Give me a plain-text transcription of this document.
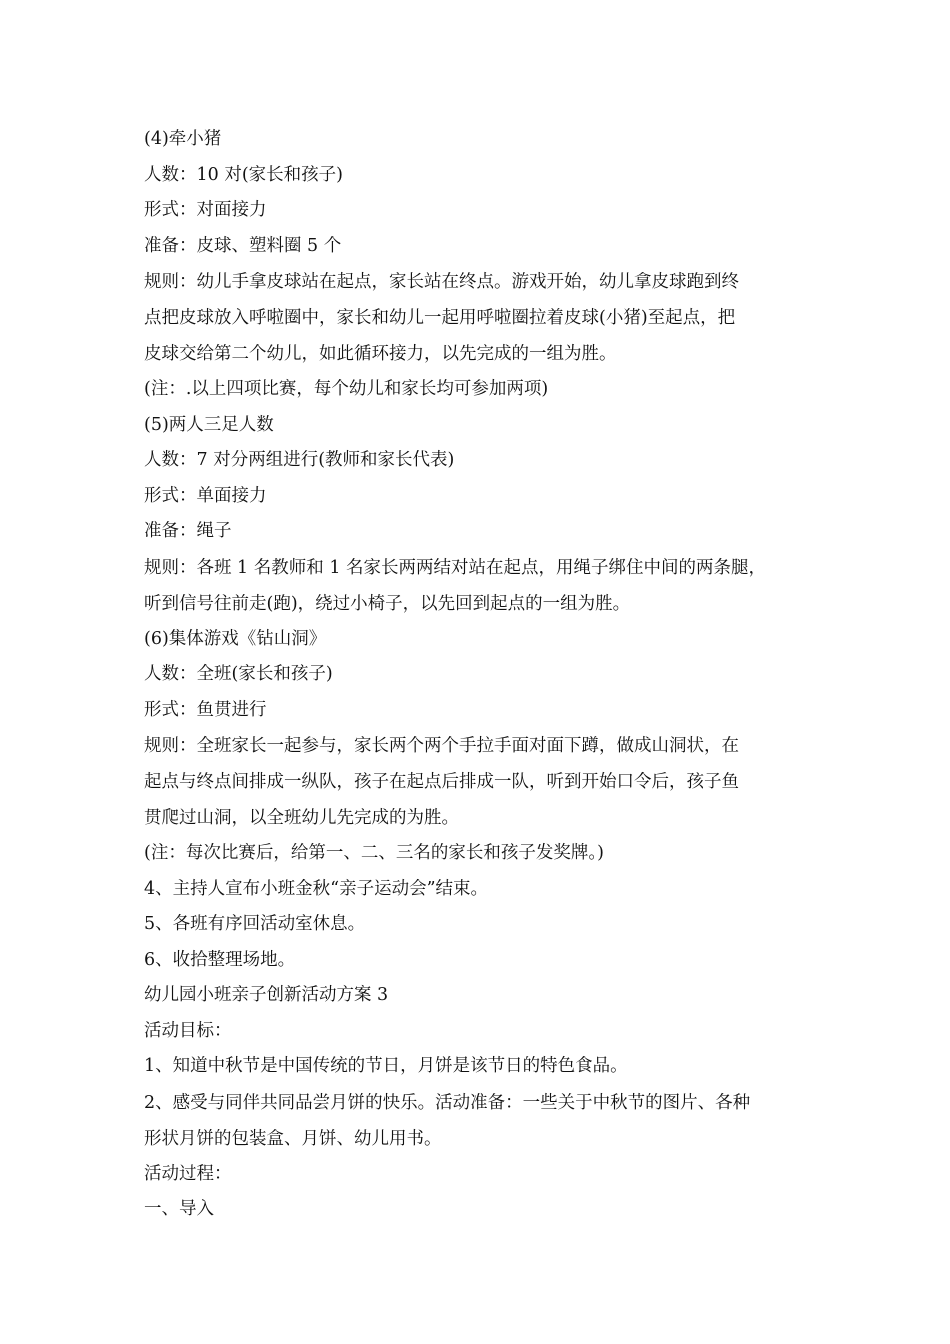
(4)牵小猪
人数：10 对(家长和孩子)
形式：对面接力
准备：皮球、塑料圈 5 个
规则：幼儿手拿皮球站在起点，家长站在终点。游戏开始，幼儿拿皮球跑到终
点把皮球放入呼啦圈中，家长和幼儿一起用呼啦圈拉着皮球(小猪)至起点，把
皮球交给第二个幼儿，如此循环接力，以先完成的一组为胜。
(注：.以上四项比赛，每个幼儿和家长均可参加两项)
(5)两人三足人数
人数：7 对分两组进行(教师和家长代表)
形式：单面接力
准备：绳子
规则：各班 1 名教师和 1 名家长两两结对站在起点，用绳子绑住中间的两条腿，
听到信号往前走(跑)，绕过小椅子，以先回到起点的一组为胜。
(6)集体游戏《钻山洞》
人数：全班(家长和孩子)
形式：鱼贯进行
规则：全班家长一起参与，家长两个两个手拉手面对面下蹲，做成山洞状，在
起点与终点间排成一纵队，孩子在起点后排成一队，听到开始口令后，孩子鱼
贯爬过山洞，以全班幼儿先完成的为胜。
(注：每次比赛后，给第一、二、三名的家长和孩子发奖牌。)
4、主持人宣布小班金秋“亲子运动会”结束。
5、各班有序回活动室休息。
6、收拾整理场地。
幼儿园小班亲子创新活动方案 3
活动目标：
1、知道中秋节是中国传统的节日，月饼是该节日的特色食品。
2、感受与同伴共同品尝月饼的快乐。活动准备：一些关于中秋节的图片、各种
形状月饼的包装盒、月饼、幼儿用书。
活动过程：
一、导入
